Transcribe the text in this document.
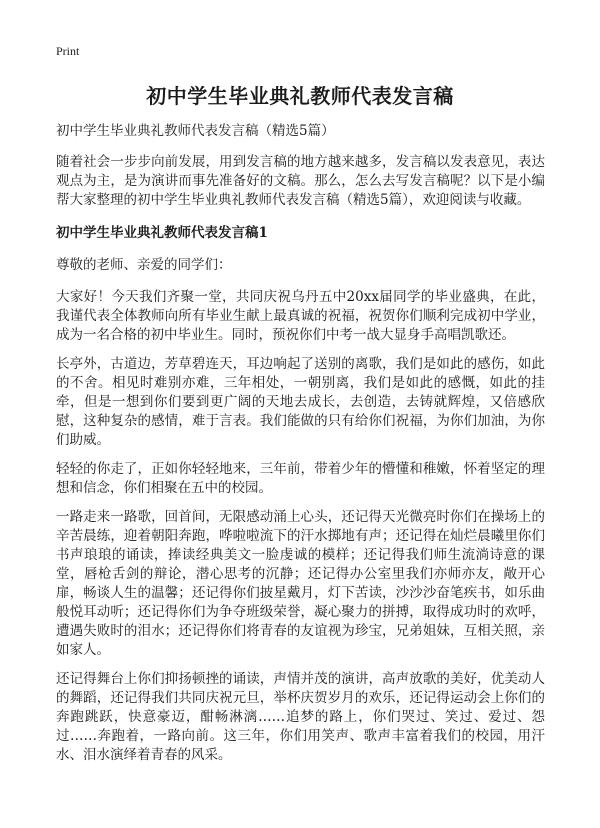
Print
初中学生毕业典礼教师代表发言稿

初中学生毕业典礼教师代表发言稿（精选5篇）

随着社会一步步向前发展，用到发言稿的地方越来越多，发言稿以发表意见，表达观点为主，是为演讲而事先准备好的文稿。那么，怎么去写发言稿呢？以下是小编帮大家整理的初中学生毕业典礼教师代表发言稿（精选5篇），欢迎阅读与收藏。

初中学生毕业典礼教师代表发言稿1

尊敬的老师、亲爱的同学们：

大家好！今天我们齐聚一堂，共同庆祝乌丹五中20xx届同学的毕业盛典，在此，我谨代表全体教师向所有毕业生献上最真诚的祝福，祝贺你们顺利完成初中学业，成为一名合格的初中毕业生。同时，预祝你们中考一战大显身手高唱凯歌还。

长亭外，古道边，芳草碧连天，耳边响起了送别的离歌，我们是如此的感伤，如此的不舍。相见时难别亦难，三年相处，一朝别离，我们是如此的感慨，如此的挂牵，但是一想到你们要到更广阔的天地去成长，去创造，去铸就辉煌，又倍感欣慰，这种复杂的感情，难于言表。我们能做的只有给你们祝福，为你们加油，为你们助威。

轻轻的你走了，正如你轻轻地来，三年前，带着少年的懵懂和稚嫩，怀着坚定的理想和信念，你们相聚在五中的校园。

一路走来一路歌，回首间，无限感动涌上心头，还记得天光微亮时你们在操场上的辛苦晨练，迎着朝阳奔跑，哗啦啦流下的汗水掷地有声；还记得在灿烂晨曦里你们书声琅琅的诵读，捧读经典美文一脸虔诚的模样；还记得我们师生流淌诗意的课堂，唇枪舌剑的辩论，潜心思考的沉静；还记得办公室里我们亦师亦友，敞开心扉，畅谈人生的温馨；还记得你们披星戴月，灯下苦读，沙沙沙奋笔疾书，如乐曲般悦耳动听；还记得你们为争夺班级荣誉，凝心聚力的拼搏，取得成功时的欢呼，遭遇失败时的泪水；还记得你们将青春的友谊视为珍宝，兄弟姐妹，互相关照，亲如家人。

还记得舞台上你们抑扬顿挫的诵读，声情并茂的演讲，高声放歌的美好，优美动人的舞蹈，还记得我们共同庆祝元旦，举杯庆贺岁月的欢乐，还记得运动会上你们的奔跑跳跃，快意豪迈，酣畅淋漓……追梦的路上，你们哭过、笑过、爱过、怨过……奔跑着，一路向前。这三年，你们用笑声、歌声丰富着我们的校园，用汗水、泪水演绎着青春的风采。
